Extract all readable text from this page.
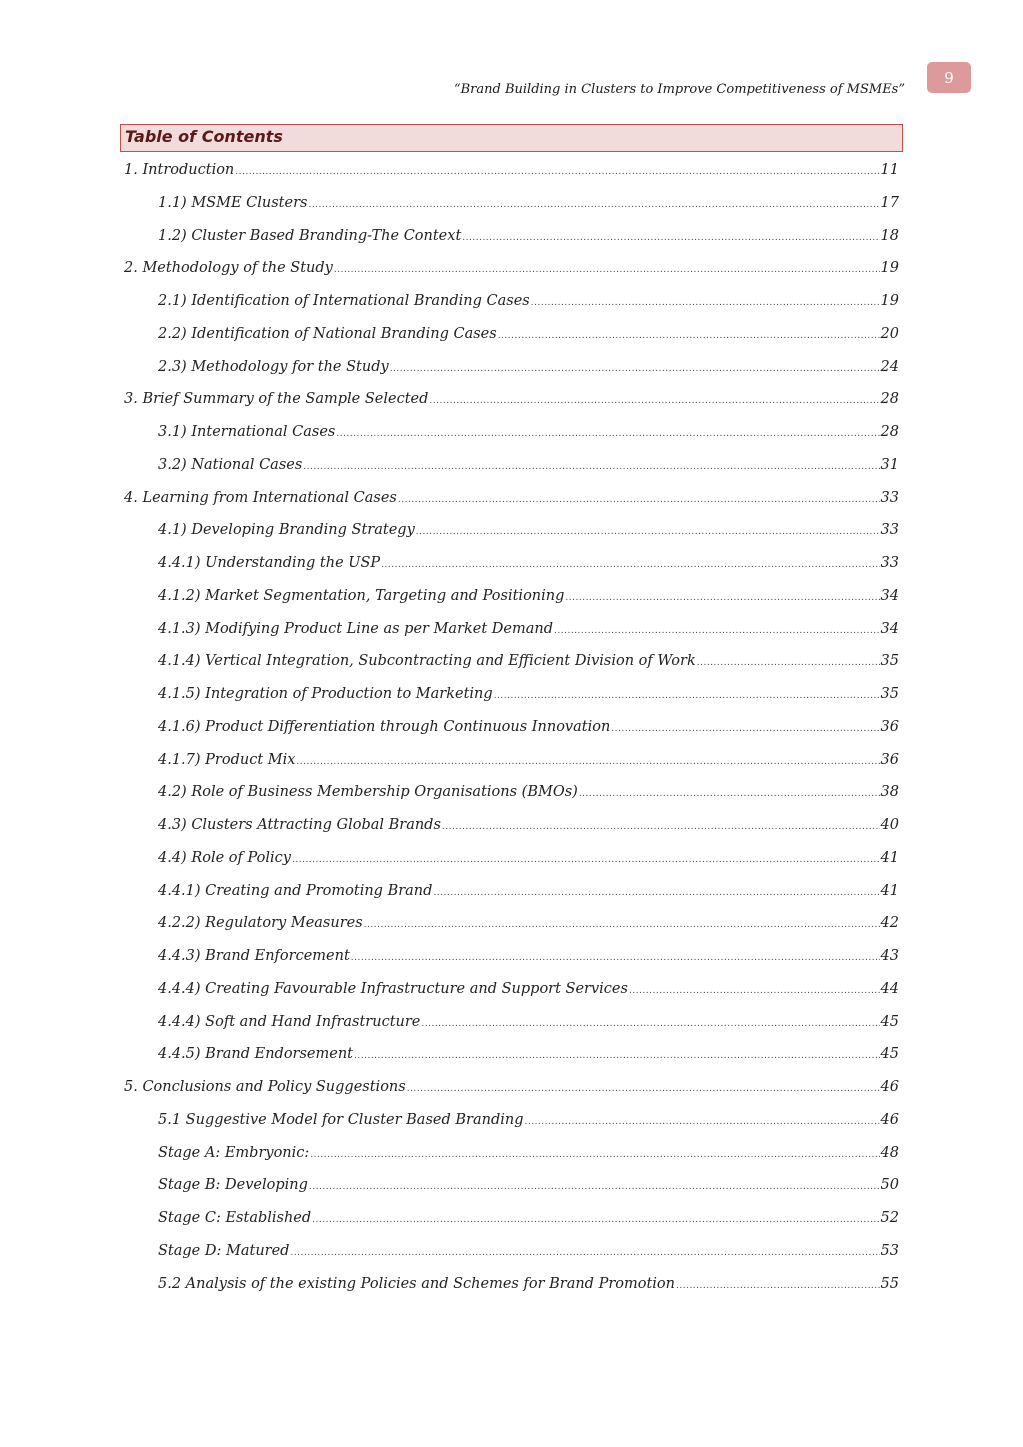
9
“Brand Building in Clusters to Improve Competitiveness of MSMEs”
Table of Contents
1. Introduction .....	11
1.1) MSME Clusters .....	17
1.2) Cluster Based Branding-The Context .....	18
2. Methodology of the Study .....	19
2.1) Identification of International Branding Cases .....	19
2.2) Identification of National Branding Cases .....	20
2.3) Methodology for the Study .....	24
3. Brief Summary of the Sample Selected .....	28
3.1) International Cases .....	28
3.2) National Cases .....	31
4. Learning from International Cases .....	33
4.1) Developing Branding Strategy .....	33
4.4.1) Understanding the USP .....	33
4.1.2) Market Segmentation, Targeting and Positioning .....	34
4.1.3) Modifying Product Line as per Market Demand .....	34
4.1.4) Vertical Integration, Subcontracting and Efficient Division of Work .....	35
4.1.5) Integration of Production to Marketing .....	35
4.1.6) Product Differentiation through Continuous Innovation .....	36
4.1.7) Product Mix .....	36
4.2) Role of Business Membership Organisations (BMOs) .....	38
4.3) Clusters Attracting Global Brands .....	40
4.4) Role of Policy .....	41
4.4.1) Creating and Promoting Brand .....	41
4.2.2) Regulatory Measures .....	42
4.4.3) Brand Enforcement .....	43
4.4.4) Creating Favourable Infrastructure and Support Services .....	44
4.4.4) Soft and Hand Infrastructure .....	45
4.4.5) Brand Endorsement .....	45
5. Conclusions and Policy Suggestions .....	46
5.1 Suggestive Model for Cluster Based Branding .....	46
Stage A: Embryonic: .....	48
Stage B: Developing .....	50
Stage C: Established .....	52
Stage D: Matured .....	53
5.2 Analysis of the existing Policies and Schemes for Brand Promotion .....	55
